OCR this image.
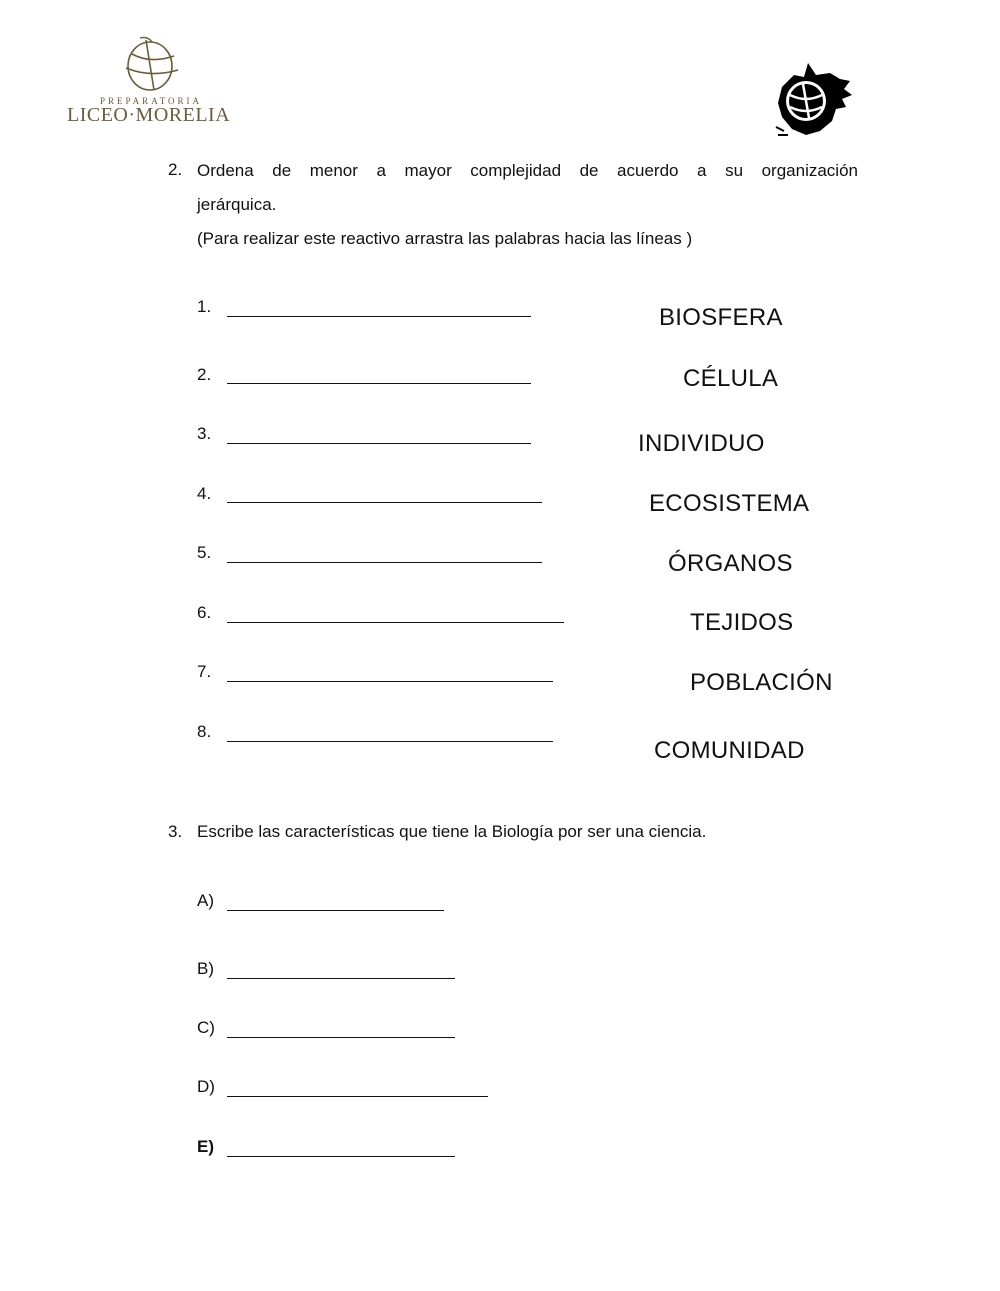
PREPARATORIA
LICEO·MORELIA
2. Ordena de menor a mayor complejidad de acuerdo a su organización
jerárquica.
(Para realizar este reactivo arrastra las palabras hacia las líneas )
1.
2.
3.
4.
5.
6.
7.
8.
BIOSFERA
CÉLULA
INDIVIDUO
ECOSISTEMA
ÓRGANOS
TEJIDOS
POBLACIÓN
COMUNIDAD
3. Escribe las características que tiene la Biología por ser una ciencia.
A)
B)
C)
D)
E)
